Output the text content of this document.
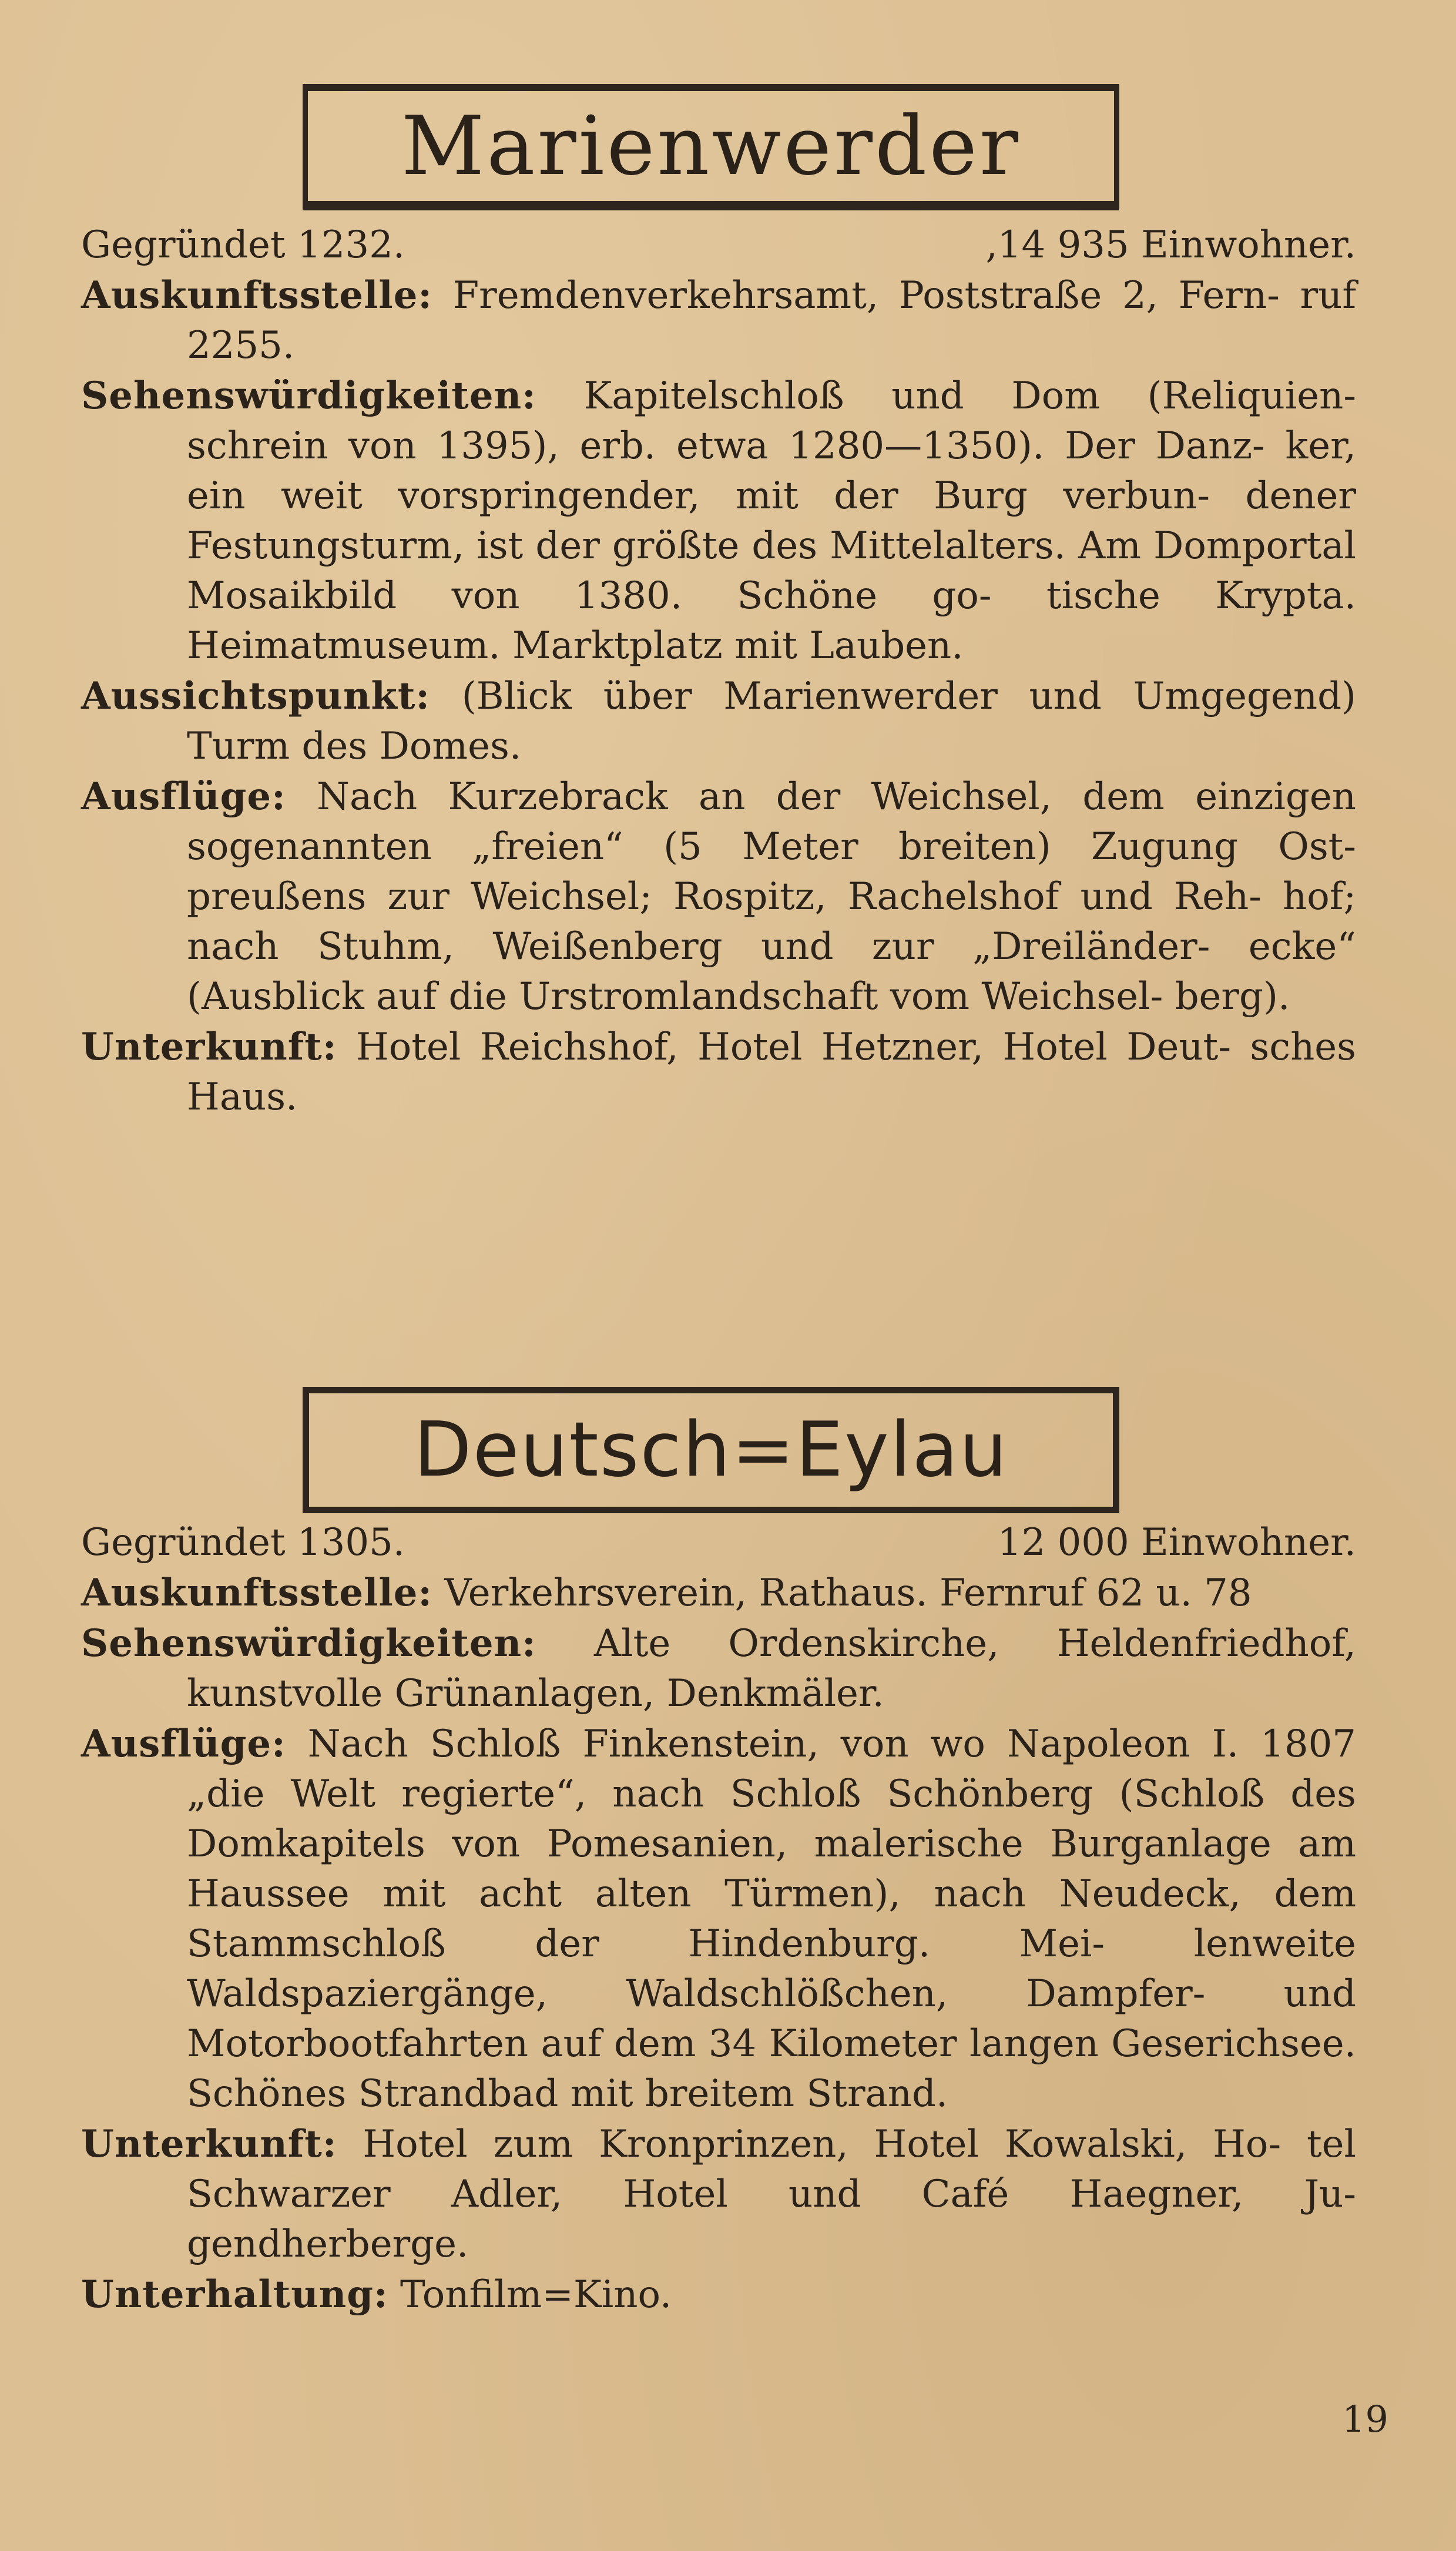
Marienwerder
Gegründet 1232.	,14 935 Einwohner.
Auskunftsstelle: Fremdenverkehrsamt, Poststraße 2, Fern- ruf 2255.
Sehenswürdigkeiten: Kapitelschloß und Dom (Reliquien- schrein von 1395), erb. etwa 1280—1350). Der Danz- ker, ein weit vorspringender, mit der Burg verbun- dener Festungsturm, ist der größte des Mittelalters. Am Domportal Mosaikbild von 1380. Schöne go- tische Krypta. Heimatmuseum. Marktplatz mit Lauben.
Aussichtspunkt: (Blick über Marienwerder und Umgegend) Turm des Domes.
Ausflüge: Nach Kurzebrack an der Weichsel, dem einzigen sogenannten „freien“ (5 Meter breiten) Zugung Ost- preußens zur Weichsel; Rospitz, Rachelshof und Reh- hof; nach Stuhm, Weißenberg und zur „Dreiländer- ecke“ (Ausblick auf die Urstromlandschaft vom Weichsel- berg).
Unterkunft: Hotel Reichshof, Hotel Hetzner, Hotel Deut- sches Haus.
Deutsch=Eylau
Gegründet 1305.	12 000 Einwohner.
Auskunftsstelle: Verkehrsverein, Rathaus. Fernruf 62 u. 78
Sehenswürdigkeiten: Alte Ordenskirche, Heldenfriedhof, kunstvolle Grünanlagen, Denkmäler.
Ausflüge: Nach Schloß Finkenstein, von wo Napoleon I. 1807 „die Welt regierte“, nach Schloß Schönberg (Schloß des Domkapitels von Pomesanien, malerische Burganlage am Haussee mit acht alten Türmen), nach Neudeck, dem Stammschloß der Hindenburg. Mei- lenweite Waldspaziergänge, Waldschlößchen, Dampfer- und Motorbootfahrten auf dem 34 Kilometer langen Geserichsee. Schönes Strandbad mit breitem Strand.
Unterkunft: Hotel zum Kronprinzen, Hotel Kowalski, Ho- tel Schwarzer Adler, Hotel und Café Haegner, Ju- gendherberge.
Unterhaltung: Tonfilm=Kino.
19
